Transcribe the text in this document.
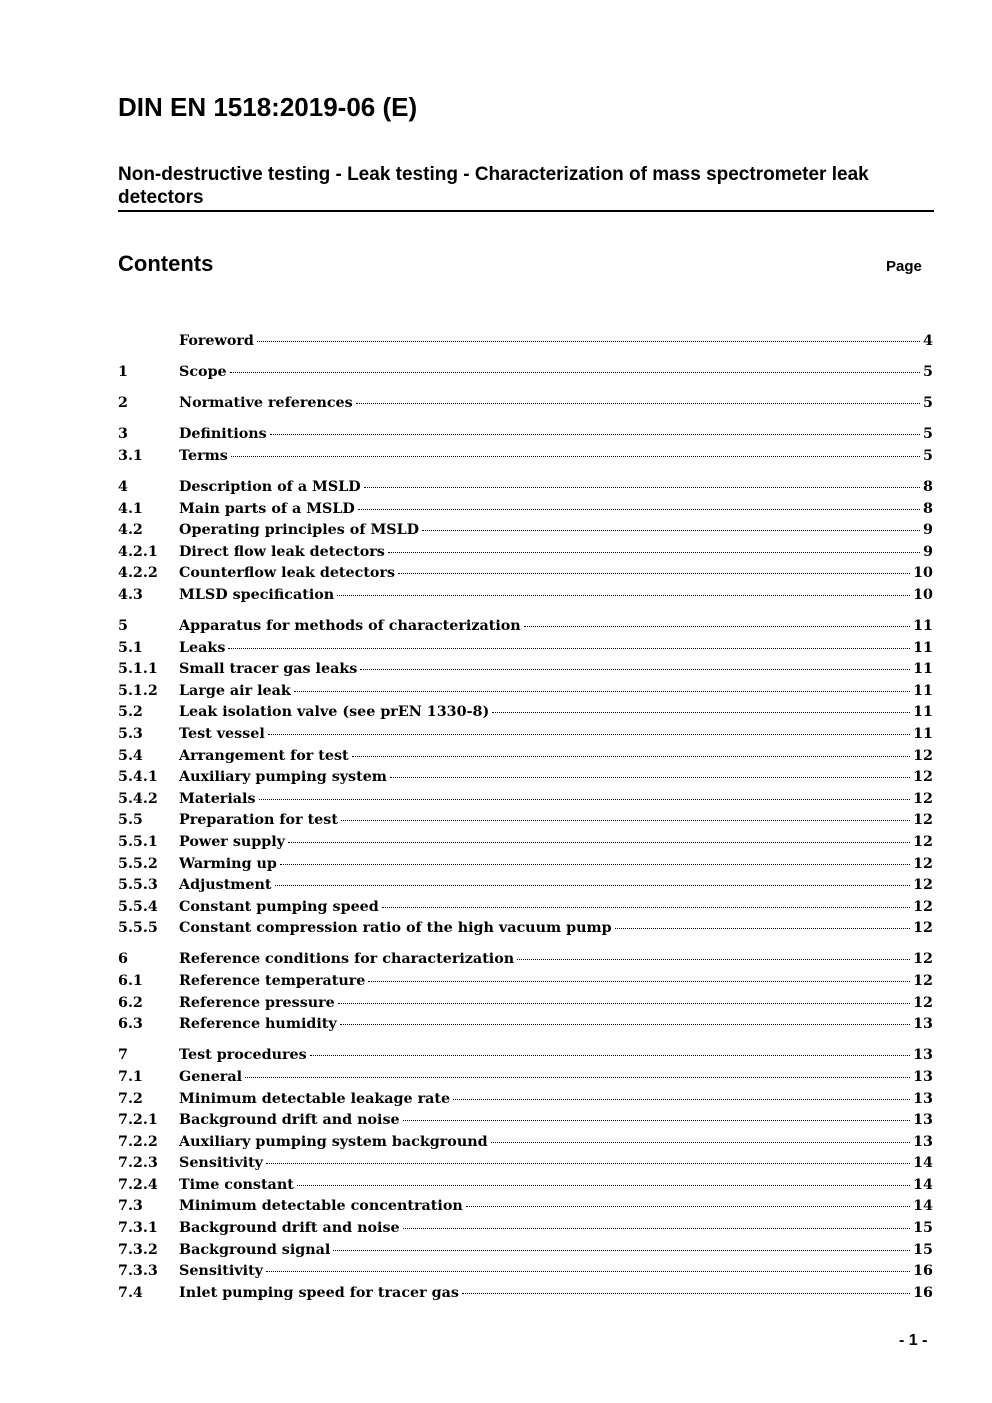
DIN EN 1518:2019-06 (E)
Non-destructive testing - Leak testing - Characterization of mass spectrometer leak detectors
Contents	Page
Foreword	4
1	Scope	5
2	Normative references	5
3	Definitions	5
3.1	Terms	5
4	Description of a MSLD	8
4.1	Main parts of a MSLD	8
4.2	Operating principles of MSLD	9
4.2.1	Direct flow leak detectors	9
4.2.2	Counterflow leak detectors	10
4.3	MLSD specification	10
5	Apparatus for methods of characterization	11
5.1	Leaks	11
5.1.1	Small tracer gas leaks	11
5.1.2	Large air leak	11
5.2	Leak isolation valve (see prEN 1330-8)	11
5.3	Test vessel	11
5.4	Arrangement for test	12
5.4.1	Auxiliary pumping system	12
5.4.2	Materials	12
5.5	Preparation for test	12
5.5.1	Power supply	12
5.5.2	Warming up	12
5.5.3	Adjustment	12
5.5.4	Constant pumping speed	12
5.5.5	Constant compression ratio of the high vacuum pump	12
6	Reference conditions for characterization	12
6.1	Reference temperature	12
6.2	Reference pressure	12
6.3	Reference humidity	13
7	Test procedures	13
7.1	General	13
7.2	Minimum detectable leakage rate	13
7.2.1	Background drift and noise	13
7.2.2	Auxiliary pumping system background	13
7.2.3	Sensitivity	14
7.2.4	Time constant	14
7.3	Minimum detectable concentration	14
7.3.1	Background drift and noise	15
7.3.2	Background signal	15
7.3.3	Sensitivity	16
7.4	Inlet pumping speed for tracer gas	16
- 1 -
